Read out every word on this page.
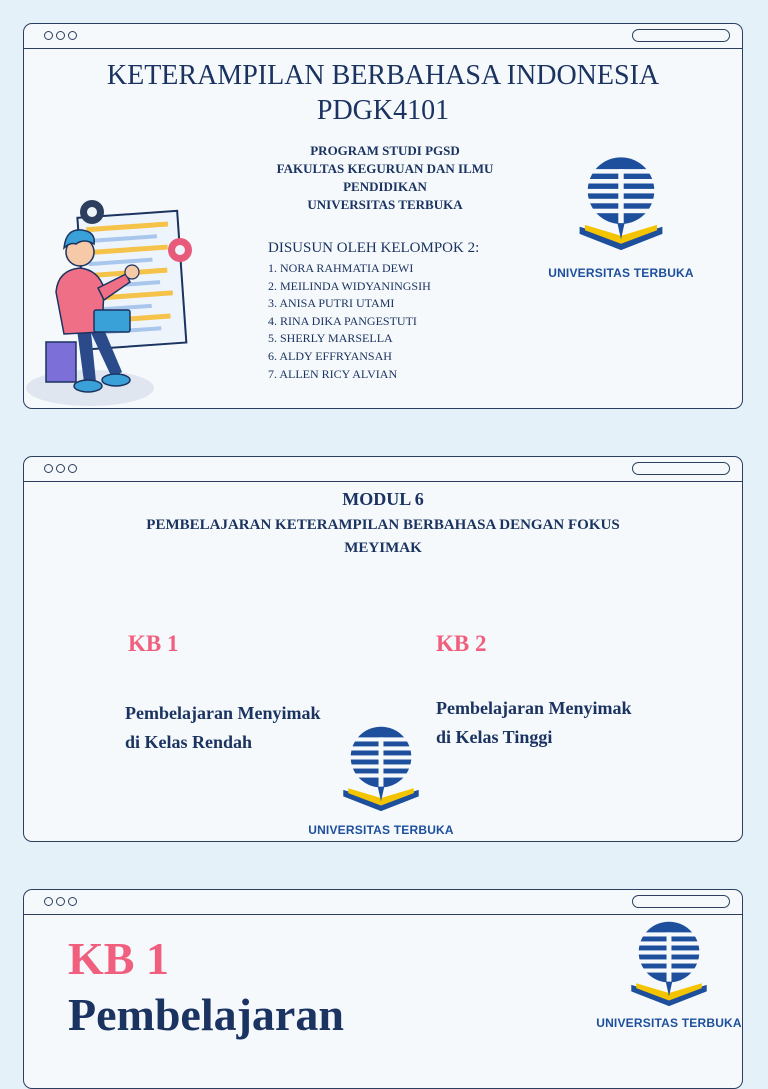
KETERAMPILAN BERBAHASA INDONESIA
PDGK4101
PROGRAM STUDI PGSD
FAKULTAS KEGURUAN DAN ILMU
PENDIDIKAN
UNIVERSITAS TERBUKA
DISUSUN OLEH KELOMPOK 2:
1. NORA RAHMATIA DEWI
2. MEILINDA WIDYANINGSIH
3. ANISA PUTRI UTAMI
4. RINA DIKA PANGESTUTI
5. SHERLY MARSELLA
6. ALDY EFFRYANSAH
7. ALLEN RICY ALVIAN
UNIVERSITAS TERBUKA
MODUL 6
PEMBELAJARAN KETERAMPILAN BERBAHASA DENGAN FOKUS
MEYIMAK
KB 1
Pembelajaran Menyimak
di Kelas Rendah
KB 2
Pembelajaran Menyimak
di Kelas Tinggi
UNIVERSITAS TERBUKA
KB 1
Pembelajaran	UNIVERSITAS TERBUKA
